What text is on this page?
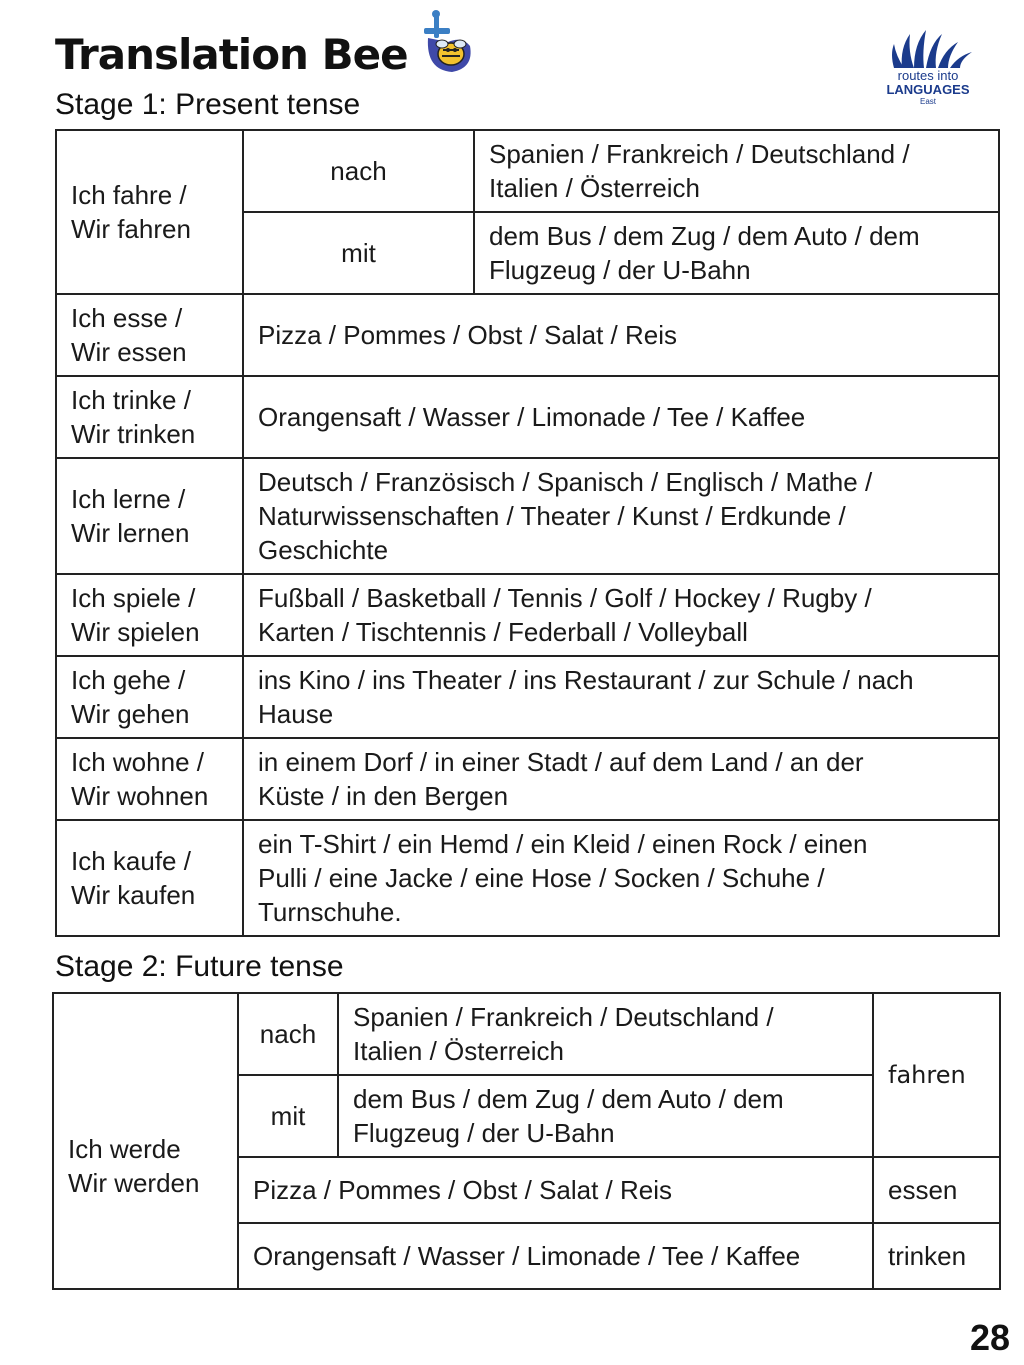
Translation Bee	routes into
LANGUAGES
East
Stage 1: Present tense
Ich fahre /
Wir fahren	nach	Spanien / Frankreich / Deutschland /
Italien / Österreich
	mit	dem Bus / dem Zug / dem Auto / dem
Flugzeug / der U-Bahn
Ich esse /
Wir essen	Pizza / Pommes / Obst / Salat / Reis	
Ich trinke /
Wir trinken	Orangensaft / Wasser / Limonade / Tee / Kaffee	
Ich lerne /
Wir lernen	Deutsch / Französisch / Spanisch / Englisch / Mathe /
Naturwissenschaften / Theater / Kunst / Erdkunde /
Geschichte	
Ich spiele /
Wir spielen	Fußball / Basketball / Tennis / Golf / Hockey / Rugby /
Karten / Tischtennis / Federball / Volleyball	
Ich gehe /
Wir gehen	ins Kino / ins Theater / ins Restaurant / zur Schule / nach
Hause	
Ich wohne /
Wir wohnen	in einem Dorf / in einer Stadt / auf dem Land / an der
Küste / in den Bergen	
Ich kaufe /
Wir kaufen	ein T-Shirt / ein Hemd / ein Kleid / einen Rock / einen
Pulli / eine Jacke / eine Hose / Socken / Schuhe /
Turnschuhe.	
Stage 2: Future tense
Ich werde
Wir werden	nach	Spanien / Frankreich / Deutschland /
Italien / Österreich	fahren
	mit	dem Bus / dem Zug / dem Auto / dem
Flugzeug / der U-Bahn	
	Pizza / Pommes / Obst / Salat / Reis		essen
	Orangensaft / Wasser / Limonade / Tee / Kaffee		trinken
28
